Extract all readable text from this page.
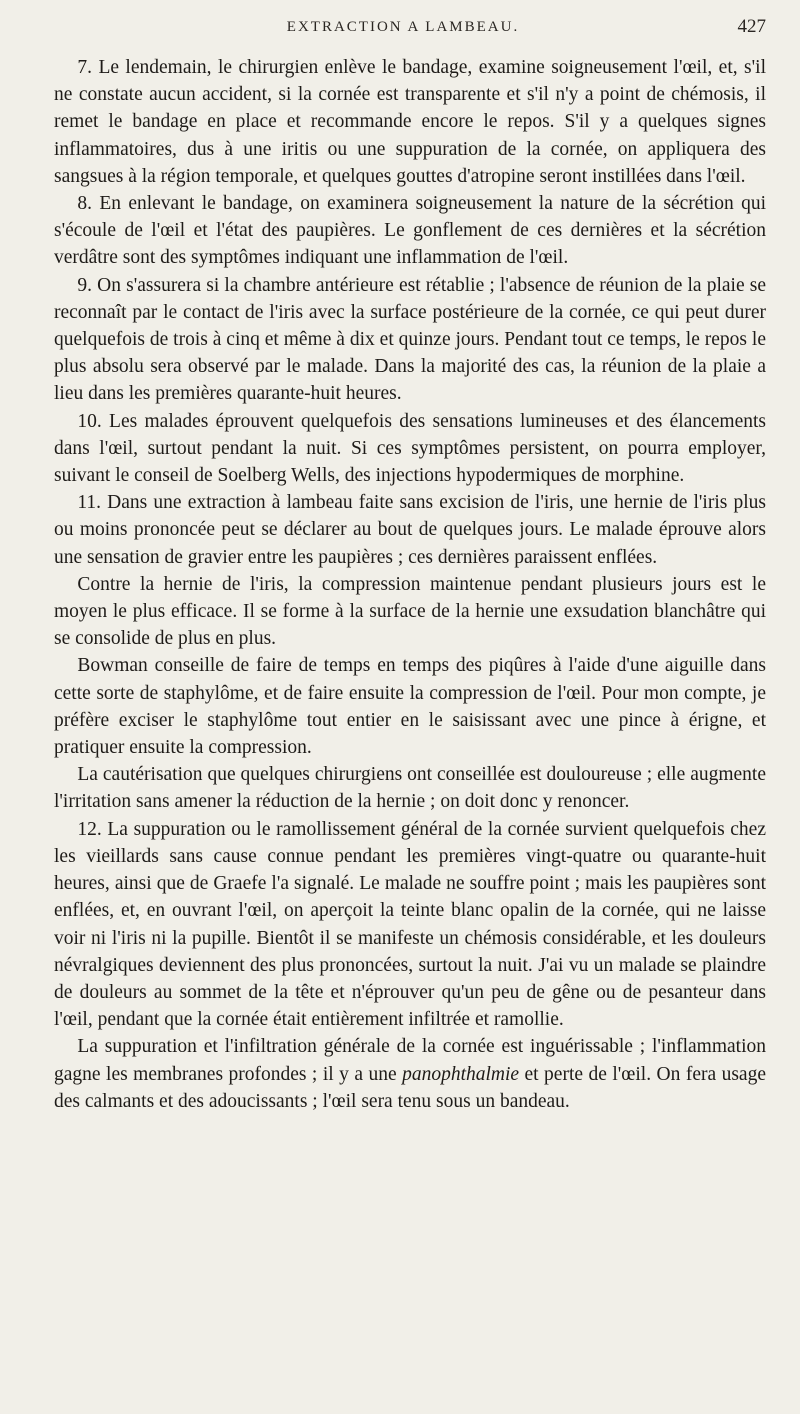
EXTRACTION A LAMBEAU.	427

7. Le lendemain, le chirurgien enlève le bandage, examine soigneusement l'œil, et, s'il ne constate aucun accident, si la cornée est transparente et s'il n'y a point de chémosis, il remet le bandage en place et recommande encore le repos. S'il y a quelques signes inflammatoires, dus à une iritis ou une suppuration de la cornée, on appliquera des sangsues à la région temporale, et quelques gouttes d'atropine seront instillées dans l'œil.

8. En enlevant le bandage, on examinera soigneusement la nature de la sécrétion qui s'écoule de l'œil et l'état des paupières. Le gonflement de ces dernières et la sécrétion verdâtre sont des symptômes indiquant une inflammation de l'œil.

9. On s'assurera si la chambre antérieure est rétablie ; l'absence de réunion de la plaie se reconnaît par le contact de l'iris avec la surface postérieure de la cornée, ce qui peut durer quelquefois de trois à cinq et même à dix et quinze jours. Pendant tout ce temps, le repos le plus absolu sera observé par le malade. Dans la majorité des cas, la réunion de la plaie a lieu dans les premières quarante-huit heures.

10. Les malades éprouvent quelquefois des sensations lumineuses et des élancements dans l'œil, surtout pendant la nuit. Si ces symptômes persistent, on pourra employer, suivant le conseil de Soelberg Wells, des injections hypodermiques de morphine.

11. Dans une extraction à lambeau faite sans excision de l'iris, une hernie de l'iris plus ou moins prononcée peut se déclarer au bout de quelques jours. Le malade éprouve alors une sensation de gravier entre les paupières ; ces dernières paraissent enflées.

Contre la hernie de l'iris, la compression maintenue pendant plusieurs jours est le moyen le plus efficace. Il se forme à la surface de la hernie une exsudation blanchâtre qui se consolide de plus en plus.

Bowman conseille de faire de temps en temps des piqûres à l'aide d'une aiguille dans cette sorte de staphylôme, et de faire ensuite la compression de l'œil. Pour mon compte, je préfère exciser le staphylôme tout entier en le saisissant avec une pince à érigne, et pratiquer ensuite la compression.

La cautérisation que quelques chirurgiens ont conseillée est douloureuse ; elle augmente l'irritation sans amener la réduction de la hernie ; on doit donc y renoncer.

12. La suppuration ou le ramollissement général de la cornée survient quelquefois chez les vieillards sans cause connue pendant les premières vingt-quatre ou quarante-huit heures, ainsi que de Graefe l'a signalé. Le malade ne souffre point ; mais les paupières sont enflées, et, en ouvrant l'œil, on aperçoit la teinte blanc opalin de la cornée, qui ne laisse voir ni l'iris ni la pupille. Bientôt il se manifeste un chémosis considérable, et les douleurs névralgiques deviennent des plus prononcées, surtout la nuit. J'ai vu un malade se plaindre de douleurs au sommet de la tête et n'éprouver qu'un peu de gêne ou de pesanteur dans l'œil, pendant que la cornée était entièrement infiltrée et ramollie.

La suppuration et l'infiltration générale de la cornée est inguérissable ; l'inflammation gagne les membranes profondes ; il y a une panophthalmie et perte de l'œil. On fera usage des calmants et des adoucissants ; l'œil sera tenu sous un bandeau.
